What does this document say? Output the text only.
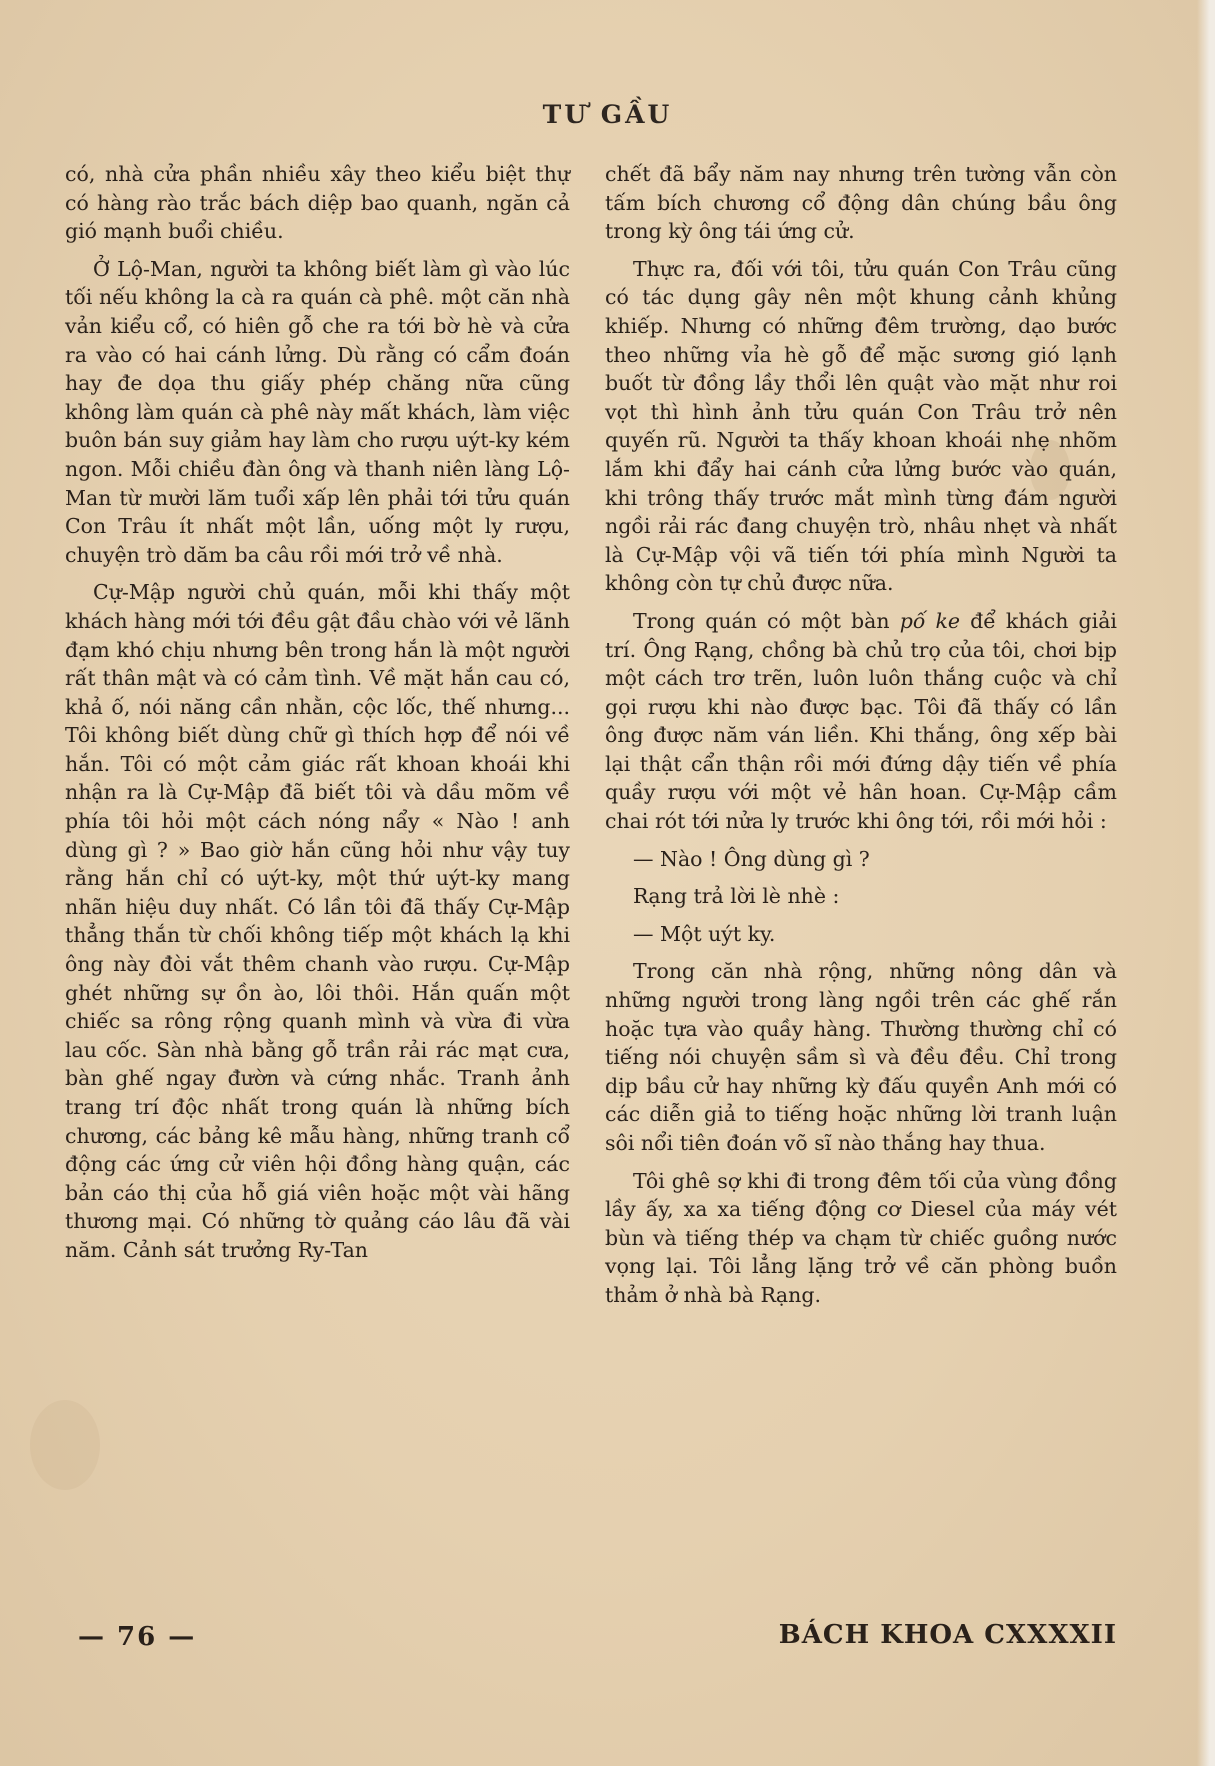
TƯ GẦU

có, nhà cửa phần nhiều xây theo kiểu biệt thự có hàng rào trắc bách diệp bao quanh, ngăn cả gió mạnh buổi chiều.

Ở Lộ-Man, người ta không biết làm gì vào lúc tối nếu không la cà ra quán cà phê. một căn nhà vản kiểu cổ, có hiên gỗ che ra tới bờ hè và cửa ra vào có hai cánh lửng. Dù rằng có cẩm đoán hay đe dọa thu giấy phép chăng nữa cũng không làm quán cà phê này mất khách, làm việc buôn bán suy giảm hay làm cho rượu uýt-ky kém ngon. Mỗi chiều đàn ông và thanh niên làng Lộ-Man từ mười lăm tuổi xấp lên phải tới tửu quán Con Trâu ít nhất một lần, uống một ly rượu, chuyện trò dăm ba câu rồi mới trở về nhà.

Cự-Mập người chủ quán, mỗi khi thấy một khách hàng mới tới đều gật đầu chào với vẻ lãnh đạm khó chịu nhưng bên trong hắn là một người rất thân mật và có cảm tình. Về mặt hắn cau có, khả ố, nói năng cần nhằn, cộc lốc, thế nhưng... Tôi không biết dùng chữ gì thích hợp để nói về hắn. Tôi có một cảm giác rất khoan khoái khi nhận ra là Cự-Mập đã biết tôi và dầu mõm về phía tôi hỏi một cách nóng nẩy « Nào ! anh dùng gì ? » Bao giờ hắn cũng hỏi như vậy tuy rằng hắn chỉ có uýt-ky, một thứ uýt-ky mang nhãn hiệu duy nhất. Có lần tôi đã thấy Cự-Mập thẳng thắn từ chối không tiếp một khách lạ khi ông này đòi vắt thêm chanh vào rượu. Cự-Mập ghét những sự ồn ào, lôi thôi. Hắn quấn một chiếc sa rông rộng quanh mình và vừa đi vừa lau cốc. Sàn nhà bằng gỗ trần rải rác mạt cưa, bàn ghế ngay đườn và cứng nhắc. Tranh ảnh trang trí độc nhất trong quán là những bích chương, các bảng kê mẫu hàng, những tranh cổ động các ứng cử viên hội đồng hàng quận, các bản cáo thị của hỗ giá viên hoặc một vài hãng thương mại. Có những tờ quảng cáo lâu đã vài năm. Cảnh sát trưởng Ry-Tan

chết đã bẩy năm nay nhưng trên tường vẫn còn tấm bích chương cổ động dân chúng bầu ông trong kỳ ông tái ứng cử.

Thực ra, đối với tôi, tửu quán Con Trâu cũng có tác dụng gây nên một khung cảnh khủng khiếp. Nhưng có những đêm trường, dạo bước theo những vỉa hè gỗ để mặc sương gió lạnh buốt từ đồng lầy thổi lên quật vào mặt như roi vọt thì hình ảnh tửu quán Con Trâu trở nên quyến rũ. Người ta thấy khoan khoái nhẹ nhõm lắm khi đẩy hai cánh cửa lửng bước vào quán, khi trông thấy trước mắt mình từng đám người ngồi rải rác đang chuyện trò, nhâu nhẹt và nhất là Cự-Mập vội vã tiến tới phía mình Người ta không còn tự chủ được nữa.

Trong quán có một bàn pố ke để khách giải trí. Ông Rạng, chồng bà chủ trọ của tôi, chơi bịp một cách trơ trẽn, luôn luôn thắng cuộc và chỉ gọi rượu khi nào được bạc. Tôi đã thấy có lần ông được năm ván liền. Khi thắng, ông xếp bài lại thật cẩn thận rồi mới đứng dậy tiến về phía quầy rượu với một vẻ hân hoan. Cự-Mập cầm chai rót tới nửa ly trước khi ông tới, rồi mới hỏi :

— Nào ! Ông dùng gì ?

Rạng trả lời lè nhè :

— Một uýt ky.

Trong căn nhà rộng, những nông dân và những người trong làng ngồi trên các ghế rắn hoặc tựa vào quầy hàng. Thường thường chỉ có tiếng nói chuyện sầm sì và đều đều. Chỉ trong dịp bầu cử hay những kỳ đấu quyền Anh mới có các diễn giả to tiếng hoặc những lời tranh luận sôi nổi tiên đoán võ sĩ nào thắng hay thua.

Tôi ghê sợ khi đi trong đêm tối của vùng đồng lầy ấy, xa xa tiếng động cơ Diesel của máy vét bùn và tiếng thép va chạm từ chiếc guồng nước vọng lại. Tôi lẳng lặng trở về căn phòng buồn thảm ở nhà bà Rạng.

— 76 —	BÁCH KHOA CXXXXII
